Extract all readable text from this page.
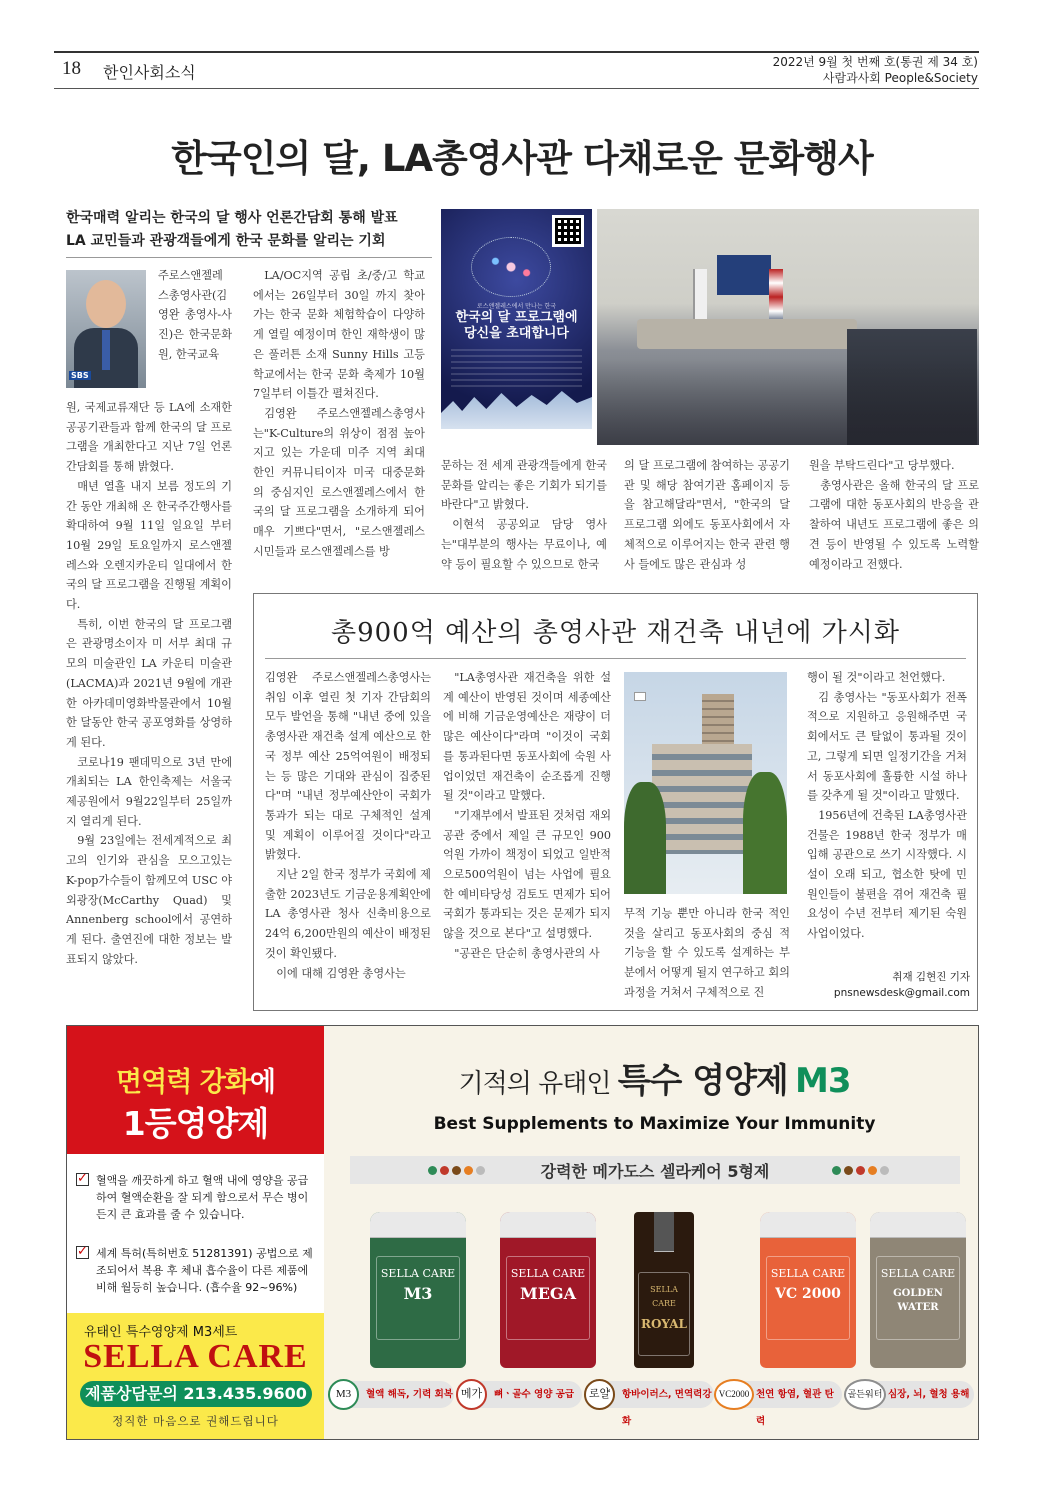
18 한인사회소식
2022년 9월 첫 번째 호(통권 제 34 호)
사람과사회 People&Society
한국인의 달, LA총영사관 다채로운 문화행사
한국매력 알리는 한국의 달 행사 언론간담회 통해 발표
LA 교민들과 관광객들에게 한국 문화를 알리는 기회
SBS

원, 국제교류재단 등 LA에 소재한 공공기관들과 함께 한국의 달 프로그램을 개최한다고 지난 7일 언론간담회를 통해 밝혔다.

매년 열흘 내지 보름 정도의 기간 동안 개최해 온 한국주간행사를 확대하여 9월 11일 일요일 부터 10월 29일 토요일까지 로스앤젤레스와 오렌지카운티 일대에서 한국의 달 프로그램을 진행될 계획이다.

특히, 이번 한국의 달 프로그램은 관광명소이자 미 서부 최대 규모의 미술관인 LA 카운티 미술관(LACMA)과 2021년 9월에 개관한 아카데미영화박물관에서 10월 한 달동안 한국 공포영화를 상영하게 된다.

코로나19 팬데믹으로 3년 만에 개최되는 LA 한인축제는 서울국제공원에서 9월22일부터 25일까지 열리게 된다.

9월 23일에는 전세계적으로 최고의 인기와 관심을 모으고있는 K-pop가수들이 함께모여 USC 야외광장(McCarthy Quad) 및 Annenberg school에서 공연하게 된다. 출연진에 대한 정보는 발표되지 않았다.

주로스앤젤레스총영사관(김영완 총영사-사진)은 한국문화원, 한국교육

LA/OC지역 공립 초/중/고 학교에서는 26일부터 30일 까지 찾아가는 한국 문화 체험학습이 다양하게 열릴 예정이며 한인 재학생이 많은 풀러튼 소재 Sunny Hills 고등학교에서는 한국 문화 축제가 10월7일부터 이틀간 펼쳐진다.

김영완 주로스앤젤레스총영사는"K-Culture의 위상이 점점 높아지고 있는 가운데 미주 지역 최대 한인 커뮤니티이자 미국 대중문화의 중심지인 로스앤젤레스에서 한국의 달 프로그램을 소개하게 되어 매우 기쁘다"면서, "로스앤젤레스 시민들과 로스앤젤레스를 방

로스앤젤레스에서 만나는 한국
한국의 달 프로그램에
당신을 초대합니다

문하는 전 세계 관광객들에게 한국 문화를 알리는 좋은 기회가 되기를 바란다"고 밝혔다.

이현석 공공외교 담당 영사는"대부분의 행사는 무료이나, 예약 등이 필요할 수 있으므로 한국

의 달 프로그램에 참여하는 공공기관 및 해당 참여기관 홈페이지 등을 참고해달라"면서, "한국의 달 프로그램 외에도 동포사회에서 자체적으로 이루어지는 한국 관련 행사 들에도 많은 관심과 성

원을 부탁드린다"고 당부했다.

총영사관은 올해 한국의 달 프로그램에 대한 동포사회의 반응을 관찰하여 내년도 프로그램에 좋은 의견 등이 반영될 수 있도록 노력할 예정이라고 전했다.

총900억 예산의 총영사관 재건축 내년에 가시화

김영완 주로스앤젤레스총영사는 취임 이후 열린 첫 기자 간담회의 모두 발언을 통해 "내년 중에 있을 총영사관 재건축 설계 예산으로 한국 정부 예산 25억여원이 배정되는 등 많은 기대와 관심이 집중된다"며 "내년 정부예산안이 국회가 통과가 되는 대로 구체적인 설계 및 계획이 이루어질 것이다"라고 밝혔다.

지난 2일 한국 정부가 국회에 제출한 2023년도 기금운용계획안에 LA 총영사관 청사 신축비용으로 24억 6,200만원의 예산이 배정된 것이 확인됐다.

이에 대해 김영완 총영사는

"LA총영사관 재건축을 위한 설계 예산이 반영된 것이며 세종예산에 비해 기금운영예산은 재량이 더 많은 예산이다"라며 "이것이 국회를 통과된다면 동포사회에 숙원 사업이었던 재건축이 순조롭게 진행될 것"이라고 말했다.

"기재부에서 발표된 것처럼 재외공관 중에서 제일 큰 규모인 900억원 가까이 책정이 되었고 일반적으로500억원이 넘는 사업에 필요한 예비타당성 검토도 면제가 되어 국회가 통과되는 것은 문제가 되지 않을 것으로 본다"고 설명했다.

"공관은 단순히 총영사관의 사

무적 기능 뿐만 아니라 한국 적인 것을 살리고 동포사회의 중심 적 기능을 할 수 있도록 설계하는 부분에서 어떻게 될지 연구하고 회의 과정을 거쳐서 구체적으로 진

행이 될 것"이라고 천언했다.

김 총영사는 "동포사회가 전폭적으로 지원하고 응원해주면 국회에서도 큰 탈없이 통과될 것이고, 그렇게 되면 일정기간을 거쳐서 동포사회에 훌륭한 시설 하나를 갖추게 될 것"이라고 말했다.

1956년에 건축된 LA총영사관 건물은 1988년 한국 정부가 매입해 공관으로 쓰기 시작했다. 시설이 오래 되고, 협소한 탓에 민원인들이 불편을 겪어 재건축 필요성이 수년 전부터 제기된 숙원 사업이었다.

취재 김현진 기자
pnsnewsdesk@gmail.com
면역력 강화에
1등영양제
✓ 혈액을 깨끗하게 하고 혈액 내에 영양을 공급하여 혈액순환을 잘 되게 함으로서 무슨 병이든지 큰 효과를 줄 수 있습니다.
✓ 세계 특허(특허번호 51281391) 공법으로 제조되어서 복용 후 체내 흡수율이 다른 제품에 비해 월등히 높습니다. (흡수율 92~96%)
유태인 특수영양제 M3세트
SELLA CARE
제품상담문의 213.435.9600
정직한 마음으로 권해드립니다
기적의 유태인 특수 영양제 M3
Best Supplements to Maximize Your Immunity
강력한 메가도스 셀라케어 5형제
SELLA CARE
M3
SELLA CARE
MEGA	SELLA CARE
ROYAL
SELLA CARE
VC 2000
SELLA CARE
GOLDEN WATER
M3	혈액 해독, 기력 회복 메가	뼈ㆍ골수 영양 공급	로얄	항바이러스, 면역력강화
VC2000 천연 항염, 혈관 탄력
골든워터 심장, 뇌, 혈청 용해
